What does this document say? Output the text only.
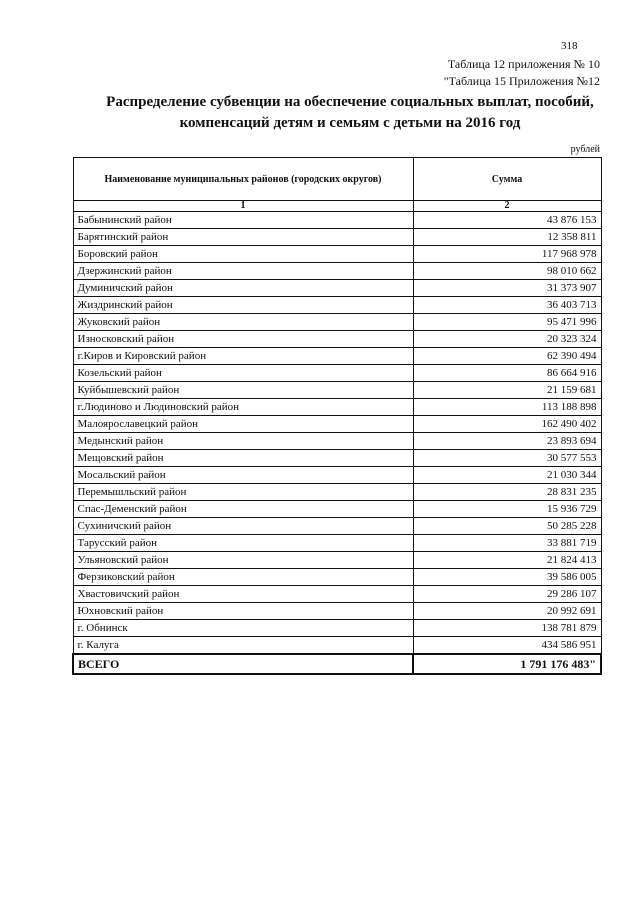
318
Таблица 12 приложения № 10
"Таблица 15 Приложения №12
Распределение субвенции на обеспечение социальных выплат, пособий,
компенсаций детям и семьям с детьми на 2016 год
рублей
Наименование муниципальных районов (городских округов)	Сумма
1	2
Бабынинский район	43 876 153
Барятинский район	12 358 811
Боровский район	117 968 978
Дзержинский район	98 010 662
Думиничский район	31 373 907
Жиздринский район	36 403 713
Жуковский район	95 471 996
Износковский район	20 323 324
г.Киров и Кировский район	62 390 494
Козельский район	86 664 916
Куйбышевский район	21 159 681
г.Людиново и Людиновский район	113 188 898
Малоярославецкий район	162 490 402
Медынский район	23 893 694
Мещовский район	30 577 553
Мосальский район	21 030 344
Перемышльский район	28 831 235
Спас-Деменский район	15 936 729
Сухиничский район	50 285 228
Тарусский район	33 881 719
Ульяновский район	21 824 413
Ферзиковский район	39 586 005
Хвастовичский район	29 286 107
Юхновский район	20 992 691
г. Обнинск	138 781 879
г. Калуга	434 586 951
ВСЕГО	1 791 176 483"
